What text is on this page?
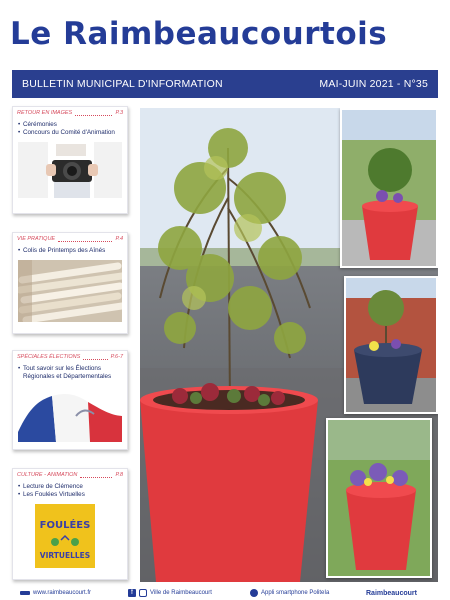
Le Raimbeaucourtois
BULLETIN MUNICIPAL D'INFORMATION	MAI-JUIN 2021 - N°35
RETOUR EN IMAGES	P.3
• Cérémonies
• Concours du Comité d'Animation
VIE PRATIQUE	P.4
• Colis de Printemps des Aînés
SPÉCIALES ÉLECTIONS	P.6-7
• Tout savoir sur les Élections Régionales et Départementales
CULTURE - ANIMATION	P.8
• Lecture de Clémence
• Les Foulées Virtuelles
FOULÉES
VIRTUELLES
www.raimbeaucourt.fr	f	Ville de Raimbeaucourt	Appli smartphone PoliteIa	Raimbeaucourt
